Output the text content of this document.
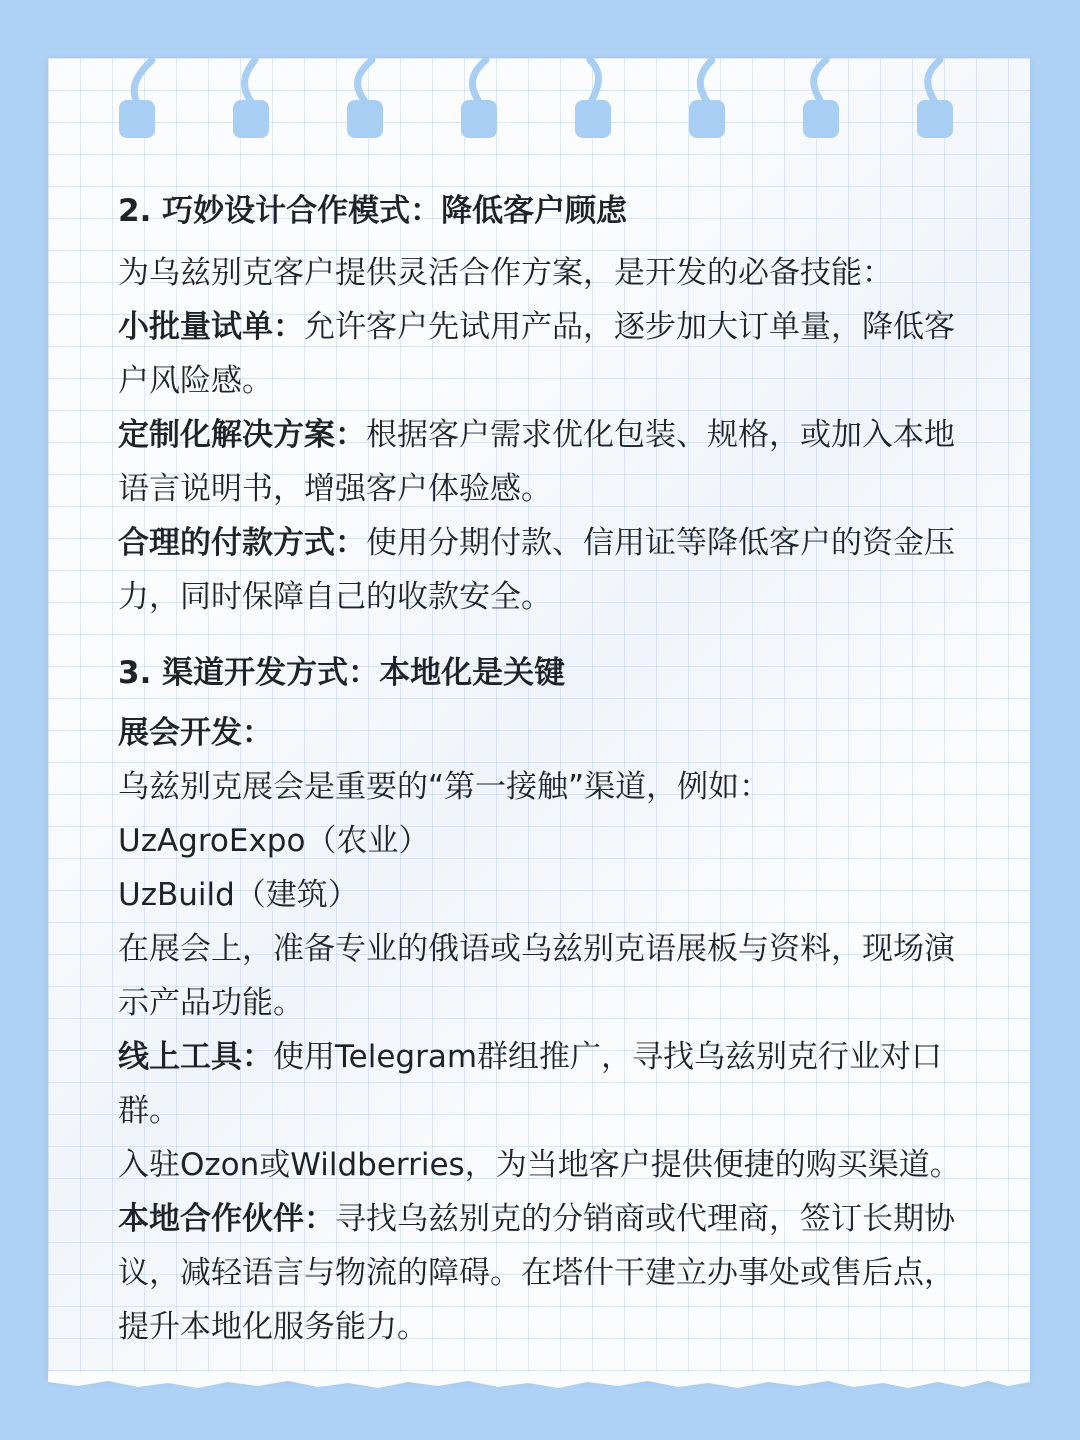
2. 巧妙设计合作模式：降低客户顾虑

为乌兹别克客户提供灵活合作方案，是开发的必备技能：

小批量试单：允许客户先试用产品，逐步加大订单量，降低客

户风险感。

定制化解决方案：根据客户需求优化包装、规格，或加入本地

语言说明书，增强客户体验感。

合理的付款方式：使用分期付款、信用证等降低客户的资金压

力，同时保障自己的收款安全。

3. 渠道开发方式：本地化是关键

展会开发：

乌兹别克展会是重要的“第一接触”渠道，例如：

UzAgroExpo（农业）

UzBuild（建筑）

在展会上，准备专业的俄语或乌兹别克语展板与资料，现场演

示产品功能。

线上工具：使用Telegram群组推广，寻找乌兹别克行业对口群。

入驻Ozon或Wildberries，为当地客户提供便捷的购买渠道。

本地合作伙伴：寻找乌兹别克的分销商或代理商，签订长期协

议，减轻语言与物流的障碍。在塔什干建立办事处或售后点，

提升本地化服务能力。
